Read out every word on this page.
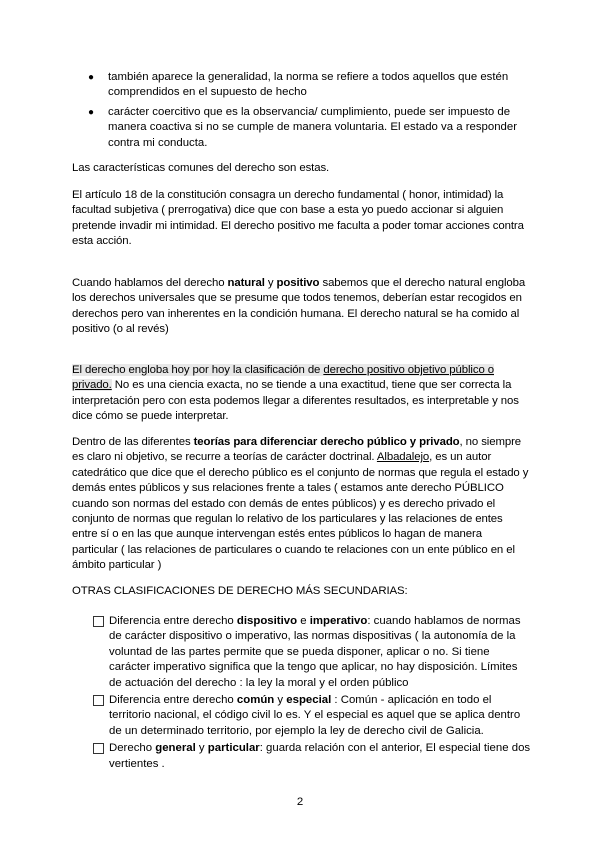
● también aparece la generalidad, la norma se refiere a todos aquellos que estén comprendidos en el supuesto de hecho
● carácter coercitivo que es la observancia/ cumplimiento, puede ser impuesto de manera coactiva si no se cumple de manera voluntaria. El estado va a responder contra mi conducta.
Las características comunes del derecho son estas.
El artículo 18 de la constitución consagra un derecho fundamental ( honor, intimidad) la facultad subjetiva ( prerrogativa) dice que con base a esta yo puedo accionar si alguien pretende invadir mi intimidad. El derecho positivo me faculta a poder tomar acciones contra esta acción.
Cuando hablamos del derecho natural y positivo sabemos que el derecho natural engloba los derechos universales que se presume que todos tenemos, deberían estar recogidos en derechos pero van inherentes en la condición humana. El derecho natural se ha comido al positivo (o al revés)
El derecho engloba hoy por hoy la clasificación de derecho positivo objetivo público o privado. No es una ciencia exacta, no se tiende a una exactitud, tiene que ser correcta la interpretación pero con esta podemos llegar a diferentes resultados, es interpretable y nos dice cómo se puede interpretar.
Dentro de las diferentes teorías para diferenciar derecho público y privado, no siempre es claro ni objetivo, se recurre a teorías de carácter doctrinal. Albadalejo, es un autor catedrático que dice que el derecho público es el conjunto de normas que regula el estado y demás entes públicos y sus relaciones frente a tales ( estamos ante derecho PÚBLICO cuando son normas del estado con demás de entes públicos) y es derecho privado el conjunto de normas que regulan lo relativo de los particulares y las relaciones de entes entre sí o en las que aunque intervengan estés entes públicos lo hagan de manera particular ( las relaciones de particulares o cuando te relaciones con un ente público en el ámbito particular )
OTRAS CLASIFICACIONES DE DERECHO MÁS SECUNDARIAS:
Diferencia entre derecho dispositivo e imperativo: cuando hablamos de normas de carácter dispositivo o imperativo, las normas dispositivas ( la autonomía de la voluntad de las partes permite que se pueda disponer, aplicar o no. Si tiene carácter imperativo significa que la tengo que aplicar, no hay disposición. Límites de actuación del derecho : la ley la moral y el orden público
Diferencia entre derecho común y especial : Común - aplicación en todo el territorio nacional, el código civil lo es. Y el especial es aquel que se aplica dentro de un determinado territorio, por ejemplo la ley de derecho civil de Galicia.
Derecho general y particular: guarda relación con el anterior, El especial tiene dos vertientes .
2
